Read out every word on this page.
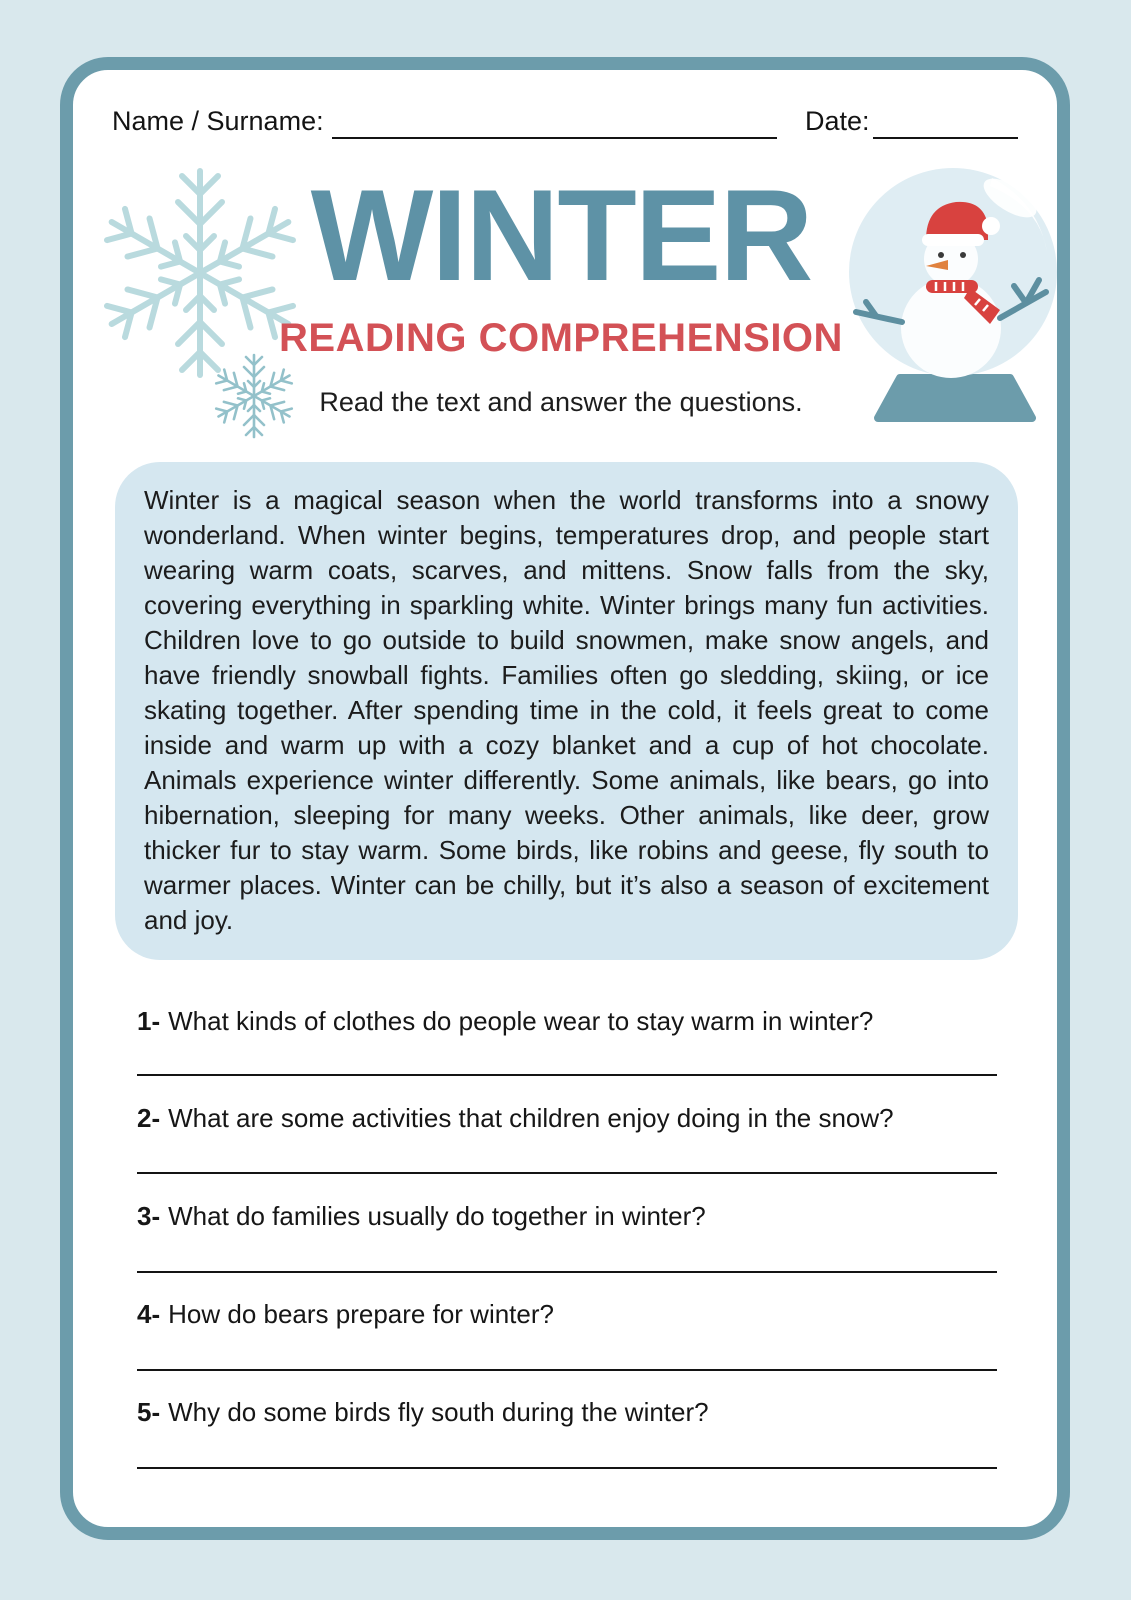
Name / Surname:	Date:
WINTER
READING COMPREHENSION

Read the text and answer the questions.

Winter is a magical season when the world transforms into a snowy wonderland. When winter begins, temperatures drop, and people start wearing warm coats, scarves, and mittens. Snow falls from the sky, covering everything in sparkling white. Winter brings many fun activities. Children love to go outside to build snowmen, make snow angels, and have friendly snowball fights. Families often go sledding, skiing, or ice skating together. After spending time in the cold, it feels great to come inside and warm up with a cozy blanket and a cup of hot chocolate. Animals experience winter differently. Some animals, like bears, go into hibernation, sleeping for many weeks. Other animals, like deer, grow thicker fur to stay warm. Some birds, like robins and geese, fly south to warmer places. Winter can be chilly, but it’s also a season of excitement and joy.

1- What kinds of clothes do people wear to stay warm in winter?
2- What are some activities that children enjoy doing in the snow?
3- What do families usually do together in winter?
4- How do bears prepare for winter?
5- Why do some birds fly south during the winter?
